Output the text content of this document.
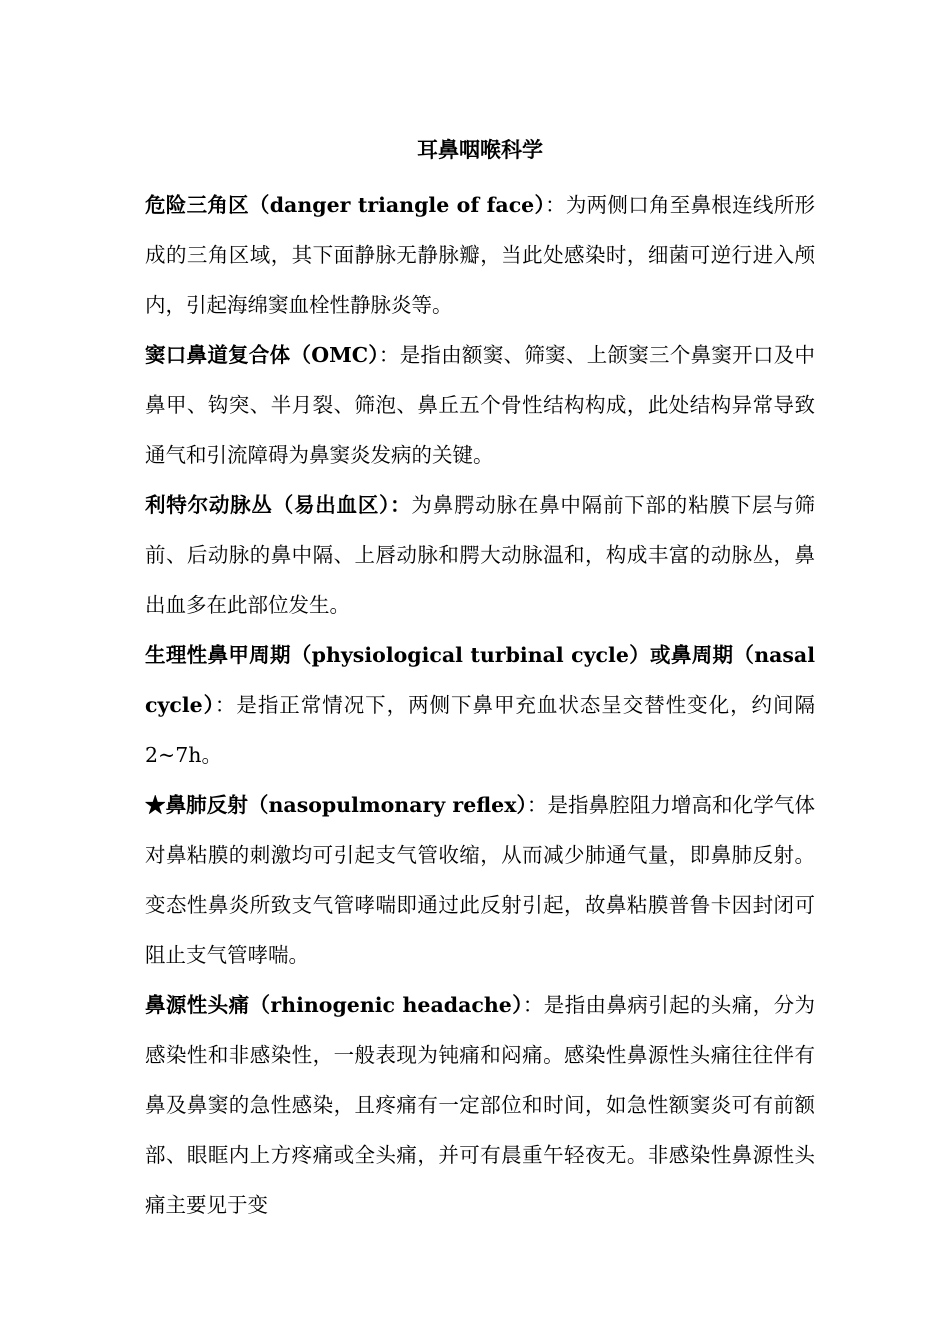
耳鼻咽喉科学

危险三角区（danger triangle of face）：为两侧口角至鼻根连线所形成的三角区域，其下面静脉无静脉瓣，当此处感染时，细菌可逆行进入颅内，引起海绵窦血栓性静脉炎等。

窦口鼻道复合体（OMC）：是指由额窦、筛窦、上颌窦三个鼻窦开口及中鼻甲、钩突、半月裂、筛泡、鼻丘五个骨性结构构成，此处结构异常导致通气和引流障碍为鼻窦炎发病的关键。

利特尔动脉丛（易出血区）：为鼻腭动脉在鼻中隔前下部的粘膜下层与筛前、后动脉的鼻中隔、上唇动脉和腭大动脉温和，构成丰富的动脉丛，鼻出血多在此部位发生。

生理性鼻甲周期（physiological turbinal cycle）或鼻周期（nasal cycle）：是指正常情况下，两侧下鼻甲充血状态呈交替性变化，约间隔 2~7h。

★鼻肺反射（nasopulmonary reflex）：是指鼻腔阻力增高和化学气体对鼻粘膜的刺激均可引起支气管收缩，从而减少肺通气量，即鼻肺反射。变态性鼻炎所致支气管哮喘即通过此反射引起，故鼻粘膜普鲁卡因封闭可阻止支气管哮喘。

鼻源性头痛（rhinogenic headache）：是指由鼻病引起的头痛，分为感染性和非感染性，一般表现为钝痛和闷痛。感染性鼻源性头痛往往伴有鼻及鼻窦的急性感染，且疼痛有一定部位和时间，如急性额窦炎可有前额部、眼眶内上方疼痛或全头痛，并可有晨重午轻夜无。非感染性鼻源性头痛主要见于变
